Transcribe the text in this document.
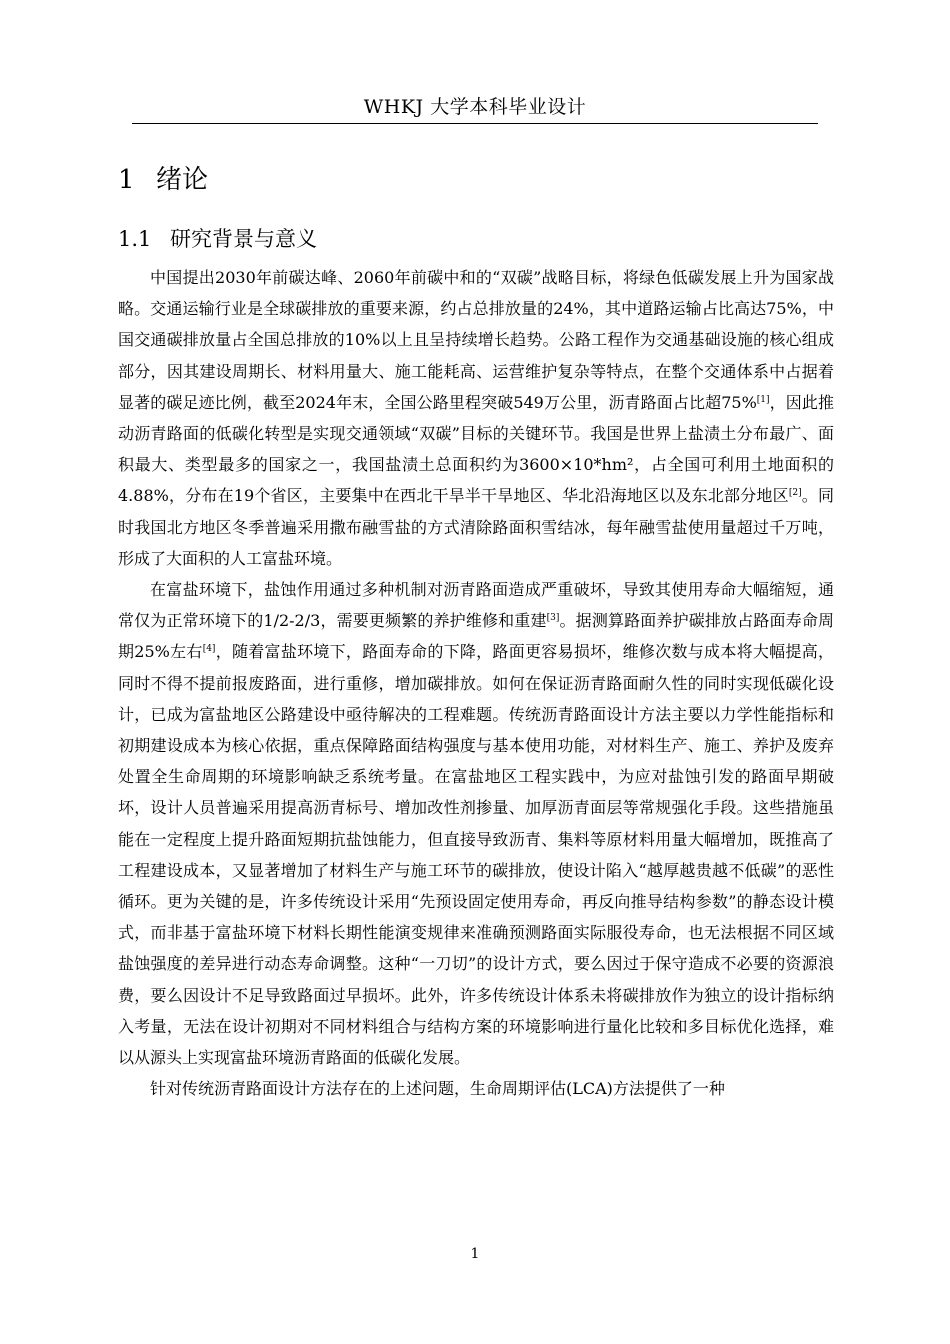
WHKJ 大学本科毕业设计
1 绪论
1.1 研究背景与意义

中国提出2030年前碳达峰、2060年前碳中和的“双碳”战略目标，将绿色低碳发展上升为国家战略。交通运输行业是全球碳排放的重要来源，约占总排放量的24%，其中道路运输占比高达75%，中国交通碳排放量占全国总排放的10%以上且呈持续增长趋势。公路工程作为交通基础设施的核心组成部分，因其建设周期长、材料用量大、施工能耗高、运营维护复杂等特点，在整个交通体系中占据着显著的碳足迹比例，截至2024年末，全国公路里程突破549万公里，沥青路面占比超75%[1]，因此推动沥青路面的低碳化转型是实现交通领域“双碳”目标的关键环节。我国是世界上盐渍土分布最广、面积最大、类型最多的国家之一，我国盐渍土总面积约为3600×10*hm²，占全国可利用土地面积的4.88%，分布在19个省区，主要集中在西北干旱半干旱地区、华北沿海地区以及东北部分地区[2]。同时我国北方地区冬季普遍采用撒布融雪盐的方式清除路面积雪结冰，每年融雪盐使用量超过千万吨，形成了大面积的人工富盐环境。

在富盐环境下，盐蚀作用通过多种机制对沥青路面造成严重破坏，导致其使用寿命大幅缩短，通常仅为正常环境下的1/2-2/3，需要更频繁的养护维修和重建[3]。据测算路面养护碳排放占路面寿命周期25%左右[4]，随着富盐环境下，路面寿命的下降，路面更容易损坏，维修次数与成本将大幅提高，同时不得不提前报废路面，进行重修，增加碳排放。如何在保证沥青路面耐久性的同时实现低碳化设计，已成为富盐地区公路建设中亟待解决的工程难题。传统沥青路面设计方法主要以力学性能指标和初期建设成本为核心依据，重点保障路面结构强度与基本使用功能，对材料生产、施工、养护及废弃处置全生命周期的环境影响缺乏系统考量。在富盐地区工程实践中，为应对盐蚀引发的路面早期破坏，设计人员普遍采用提高沥青标号、增加改性剂掺量、加厚沥青面层等常规强化手段。这些措施虽能在一定程度上提升路面短期抗盐蚀能力，但直接导致沥青、集料等原材料用量大幅增加，既推高了工程建设成本，又显著增加了材料生产与施工环节的碳排放，使设计陷入“越厚越贵越不低碳”的恶性循环。更为关键的是，许多传统设计采用“先预设固定使用寿命，再反向推导结构参数”的静态设计模式，而非基于富盐环境下材料长期性能演变规律来准确预测路面实际服役寿命，也无法根据不同区域盐蚀强度的差异进行动态寿命调整。这种“一刀切”的设计方式，要么因过于保守造成不必要的资源浪费，要么因设计不足导致路面过早损坏。此外，许多传统设计体系未将碳排放作为独立的设计指标纳入考量，无法在设计初期对不同材料组合与结构方案的环境影响进行量化比较和多目标优化选择，难以从源头上实现富盐环境沥青路面的低碳化发展。

针对传统沥青路面设计方法存在的上述问题，生命周期评估(LCA)方法提供了一种

1
